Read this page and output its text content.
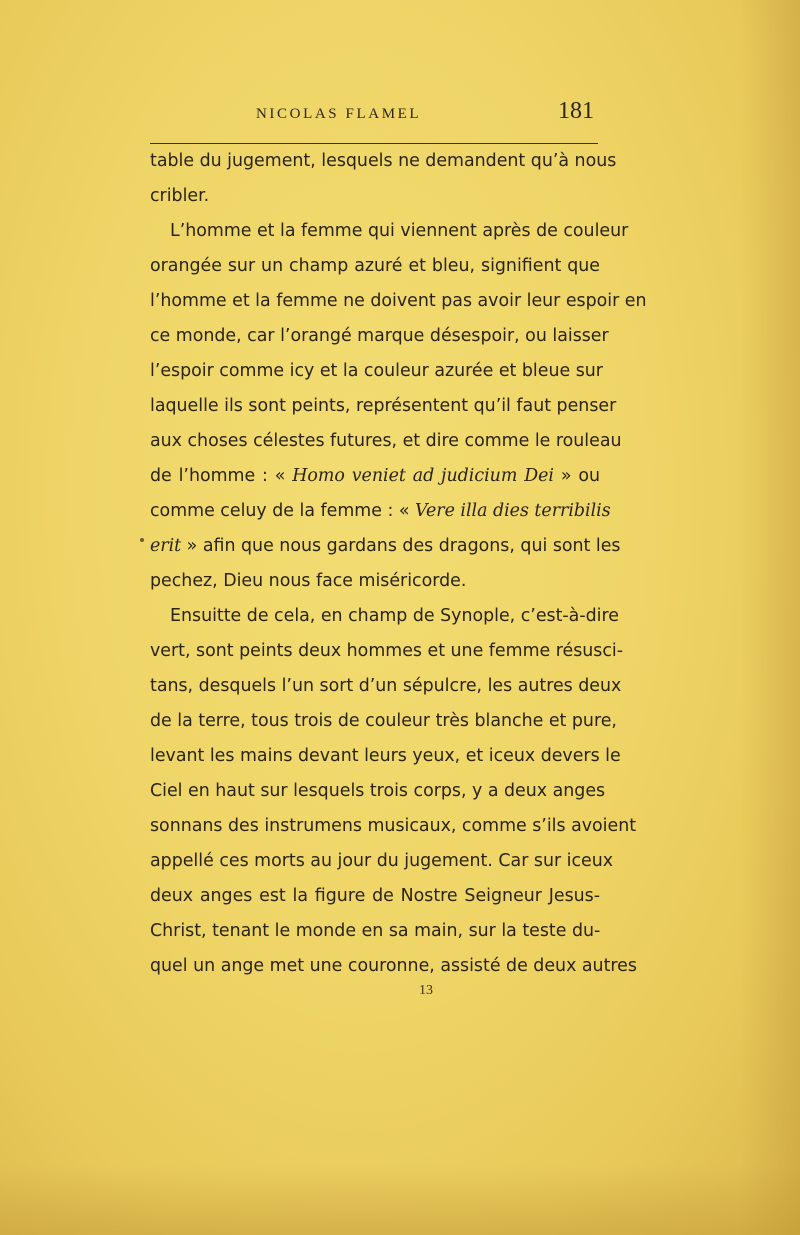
NICOLAS FLAMEL	181
table du jugement, lesquels ne demandent qu’à nous
cribler.
L’homme et la femme qui viennent après de couleur
orangée sur un champ azuré et bleu, signifient que
l’homme et la femme ne doivent pas avoir leur espoir en
ce monde, car l’orangé marque désespoir, ou laisser
l’espoir comme icy et la couleur azurée et bleue sur
laquelle ils sont peints, représentent qu’il faut penser
aux choses célestes futures, et dire comme le rouleau
de l’homme : « Homo veniet ad judicium Dei » ou
comme celuy de la femme : « Vere illa dies terribilis
erit » afin que nous gardans des dragons, qui sont les
pechez, Dieu nous face miséricorde.
Ensuitte de cela, en champ de Synople, c’est-à-dire
vert, sont peints deux hommes et une femme résusci-
tans, desquels l’un sort d’un sépulcre, les autres deux
de la terre, tous trois de couleur très blanche et pure,
levant les mains devant leurs yeux, et iceux devers le
Ciel en haut sur lesquels trois corps, y a deux anges
sonnans des instrumens musicaux, comme s’ils avoient
appellé ces morts au jour du jugement. Car sur iceux
deux anges est la figure de Nostre Seigneur Jesus-
Christ, tenant le monde en sa main, sur la teste du-
quel un ange met une couronne, assisté de deux autres
13
